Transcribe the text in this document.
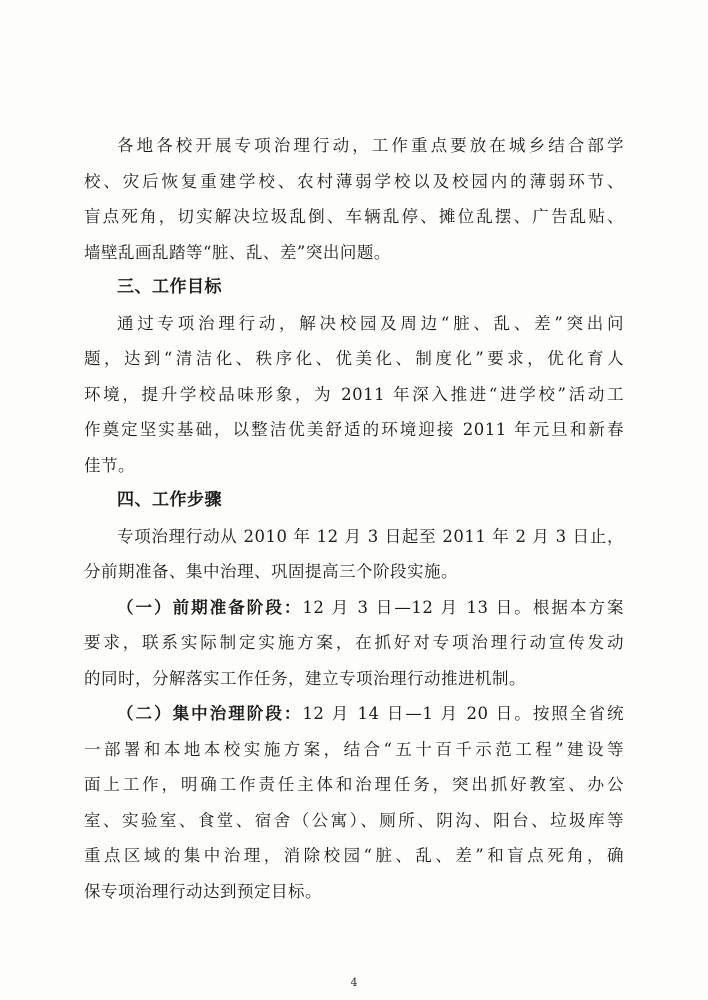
各地各校开展专项治理行动，工作重点要放在城乡结合部学
校、灾后恢复重建学校、农村薄弱学校以及校园内的薄弱环节、
盲点死角，切实解决垃圾乱倒、车辆乱停、摊位乱摆、广告乱贴、
墙壁乱画乱踏等“脏、乱、差”突出问题。
三、工作目标
通过专项治理行动，解决校园及周边“脏、乱、差”突出问
题，达到“清洁化、秩序化、优美化、制度化”要求，优化育人
环境，提升学校品味形象，为 2011 年深入推进“进学校”活动工
作奠定坚实基础，以整洁优美舒适的环境迎接 2011 年元旦和新春
佳节。
四、工作步骤
专项治理行动从 2010 年 12 月 3 日起至 2011 年 2 月 3 日止，
分前期准备、集中治理、巩固提高三个阶段实施。
（一）前期准备阶段：12 月 3 日—12 月 13 日。根据本方案
要求，联系实际制定实施方案，在抓好对专项治理行动宣传发动
的同时，分解落实工作任务，建立专项治理行动推进机制。
（二）集中治理阶段：12 月 14 日—1 月 20 日。按照全省统
一部署和本地本校实施方案，结合“五十百千示范工程”建设等
面上工作，明确工作责任主体和治理任务，突出抓好教室、办公
室、实验室、食堂、宿舍（公寓）、厕所、阴沟、阳台、垃圾库等
重点区域的集中治理，消除校园“脏、乱、差”和盲点死角，确
保专项治理行动达到预定目标。
4
